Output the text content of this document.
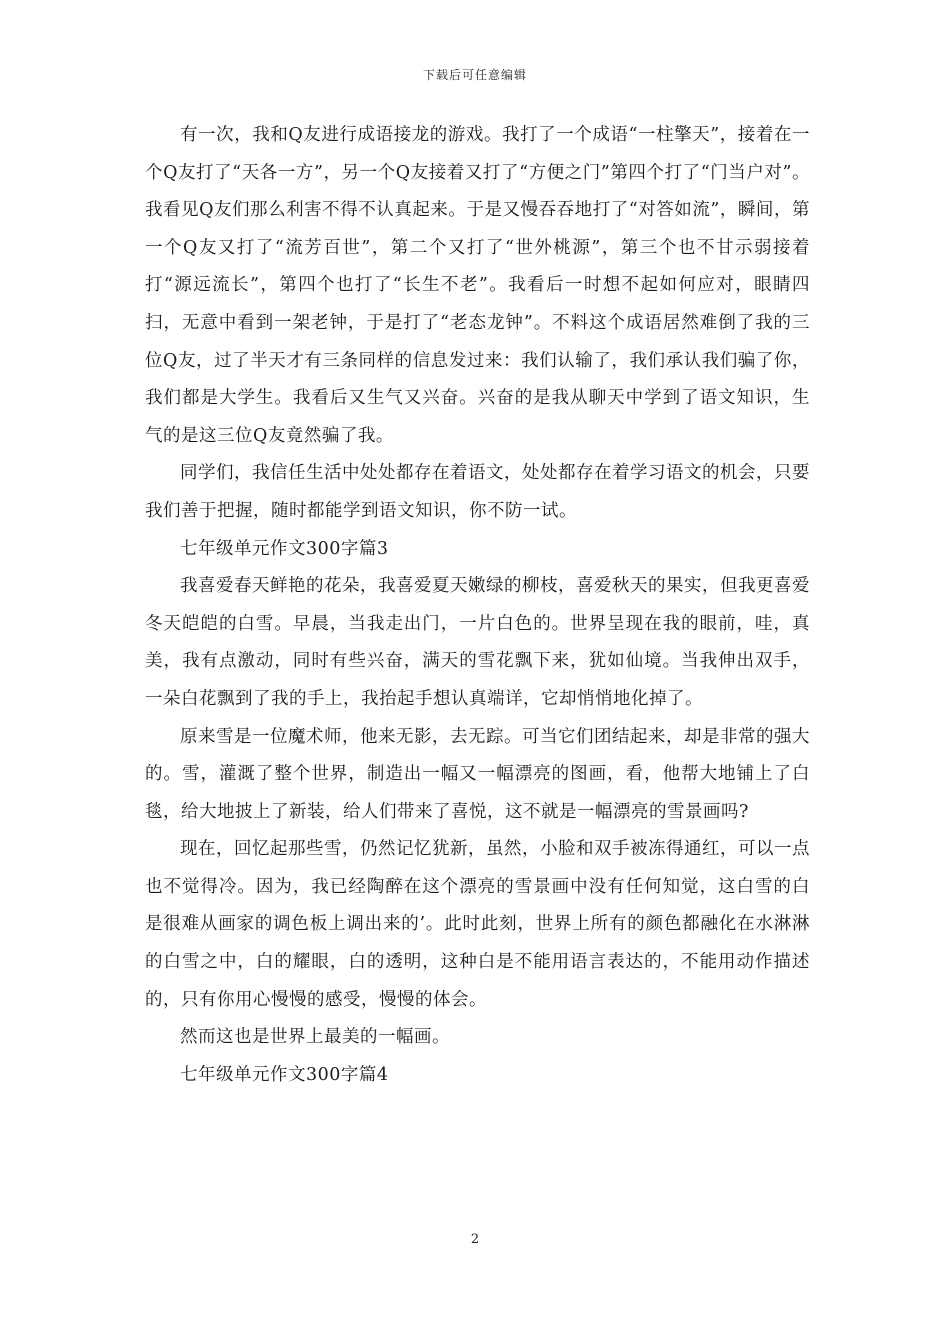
下载后可任意编辑

有一次，我和Q友进行成语接龙的游戏。我打了一个成语“一柱擎天”，接着在一个Q友打了“天各一方”，另一个Q友接着又打了“方便之门”第四个打了“门当户对”。我看见Q友们那么利害不得不认真起来。于是又慢吞吞地打了“对答如流”，瞬间，第一个Q友又打了“流芳百世”，第二个又打了“世外桃源”，第三个也不甘示弱接着打“源远流长”，第四个也打了“长生不老”。我看后一时想不起如何应对，眼睛四扫，无意中看到一架老钟，于是打了“老态龙钟”。不料这个成语居然难倒了我的三位Q友，过了半天才有三条同样的信息发过来：我们认输了，我们承认我们骗了你，我们都是大学生。我看后又生气又兴奋。兴奋的是我从聊天中学到了语文知识，生气的是这三位Q友竟然骗了我。

同学们，我信任生活中处处都存在着语文，处处都存在着学习语文的机会，只要我们善于把握，随时都能学到语文知识，你不防一试。

七年级单元作文300字篇3

我喜爱春天鲜艳的花朵，我喜爱夏天嫩绿的柳枝，喜爱秋天的果实，但我更喜爱冬天皑皑的白雪。早晨，当我走出门，一片白色的。世界呈现在我的眼前，哇，真美，我有点激动，同时有些兴奋，满天的雪花飘下来，犹如仙境。当我伸出双手，一朵白花飘到了我的手上，我抬起手想认真端详，它却悄悄地化掉了。

原来雪是一位魔术师，他来无影，去无踪。可当它们团结起来，却是非常的强大的。雪，灌溉了整个世界，制造出一幅又一幅漂亮的图画，看，他帮大地铺上了白毯，给大地披上了新装，给人们带来了喜悦，这不就是一幅漂亮的雪景画吗?

现在，回忆起那些雪，仍然记忆犹新，虽然，小脸和双手被冻得通红，可以一点也不觉得冷。因为，我已经陶醉在这个漂亮的雪景画中没有任何知觉，这白雪的白是很难从画家的调色板上调出来的’。此时此刻，世界上所有的颜色都融化在水淋淋的白雪之中，白的耀眼，白的透明，这种白是不能用语言表达的，不能用动作描述的，只有你用心慢慢的感受，慢慢的体会。

然而这也是世界上最美的一幅画。

七年级单元作文300字篇4

2
